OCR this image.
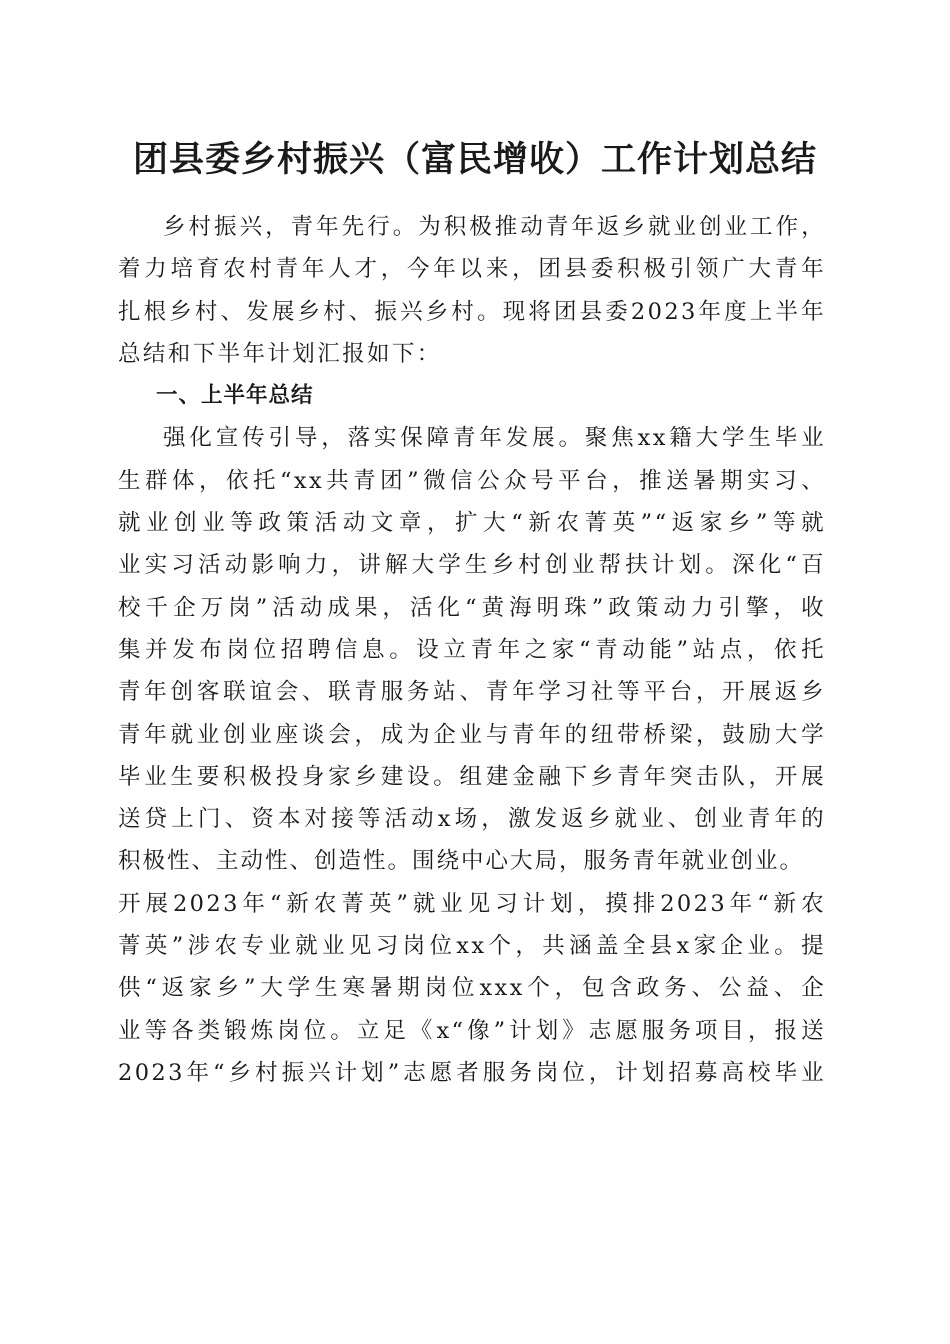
团县委乡村振兴（富民增收）工作计划总结
乡村振兴，青年先行。为积极推动青年返乡就业创业工作，
着力培育农村青年人才，今年以来，团县委积极引领广大青年
扎根乡村、发展乡村、振兴乡村。现将团县委2023年度上半年
总结和下半年计划汇报如下：
一、上半年总结
强化宣传引导，落实保障青年发展。聚焦xx籍大学生毕业
生群体，依托“xx共青团”微信公众号平台，推送暑期实习、
就业创业等政策活动文章，扩大“新农菁英”“返家乡”等就
业实习活动影响力，讲解大学生乡村创业帮扶计划。深化“百
校千企万岗”活动成果，活化“黄海明珠”政策动力引擎，收
集并发布岗位招聘信息。设立青年之家“青动能”站点，依托
青年创客联谊会、联青服务站、青年学习社等平台，开展返乡
青年就业创业座谈会，成为企业与青年的纽带桥梁，鼓励大学
毕业生要积极投身家乡建设。组建金融下乡青年突击队，开展
送贷上门、资本对接等活动x场，激发返乡就业、创业青年的
积极性、主动性、创造性。围绕中心大局，服务青年就业创业。
开展2023年“新农菁英”就业见习计划，摸排2023年“新农
菁英”涉农专业就业见习岗位xx个，共涵盖全县x家企业。提
供“返家乡”大学生寒暑期岗位xxx个，包含政务、公益、企
业等各类锻炼岗位。立足《x“像”计划》志愿服务项目，报送
2023年“乡村振兴计划”志愿者服务岗位，计划招募高校毕业
